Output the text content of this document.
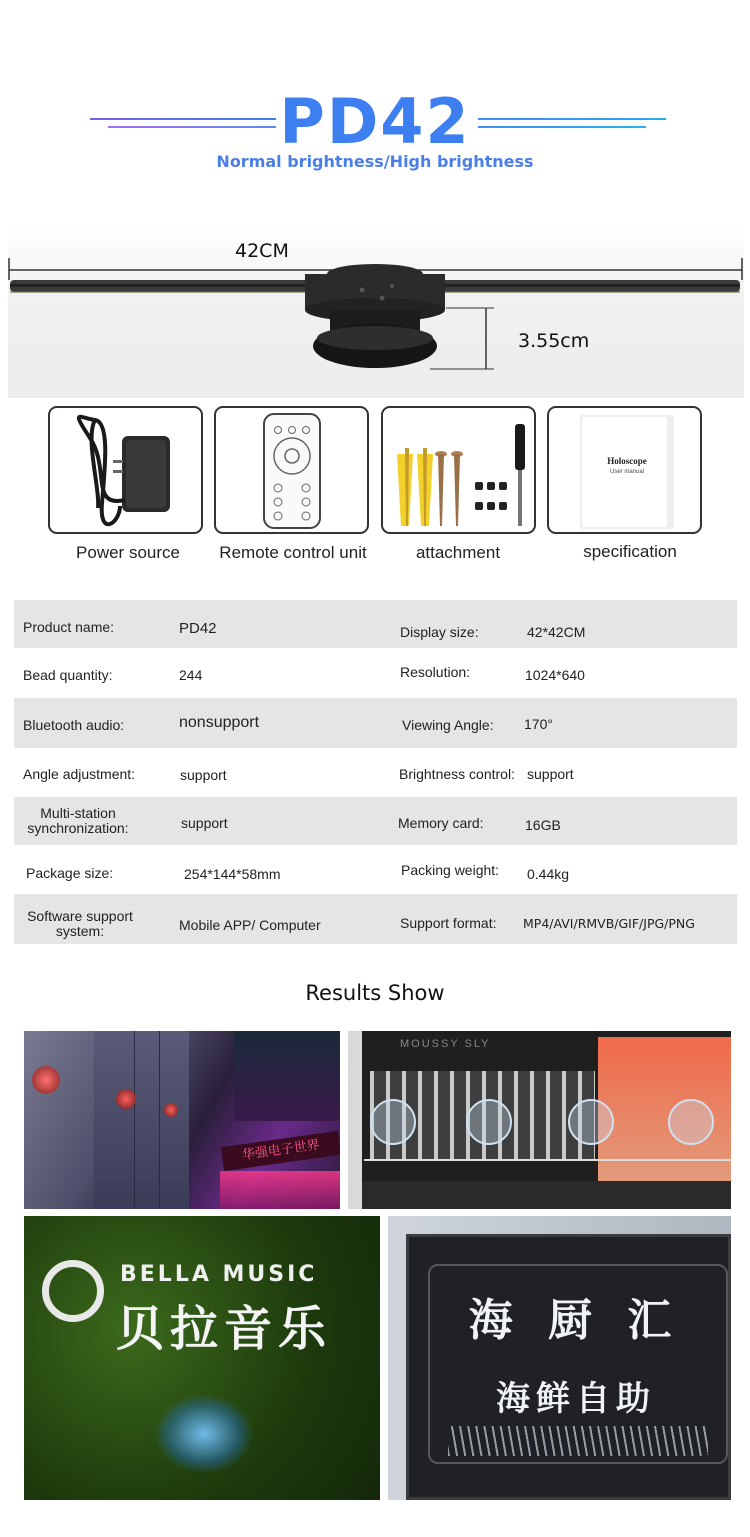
PD42
Normal brightness/High brightness
42CM
3.55cm
Power source	Remote control unit	attachment
Holoscope
User manual
specification
Product name:	PD42	Display size:	42*42CM
Bead quantity:	244	Resolution:	1024*640
Bluetooth audio:	nonsupport	Viewing Angle: 170°
Angle adjustment:	support	Brightness control: support
Multi-station synchronization:	support	Memory card:	16GB
Package size:	254*144*58mm	Packing weight: 0.44kg
Software support system:	Mobile APP/ Computer	Support format: MP4/AVI/RMVB/GIF/JPG/PNG
Results Show
华强电子世界
MOUSSY SLY
BELLA MUSIC
贝拉音乐	海 厨 汇
海鲜自助
